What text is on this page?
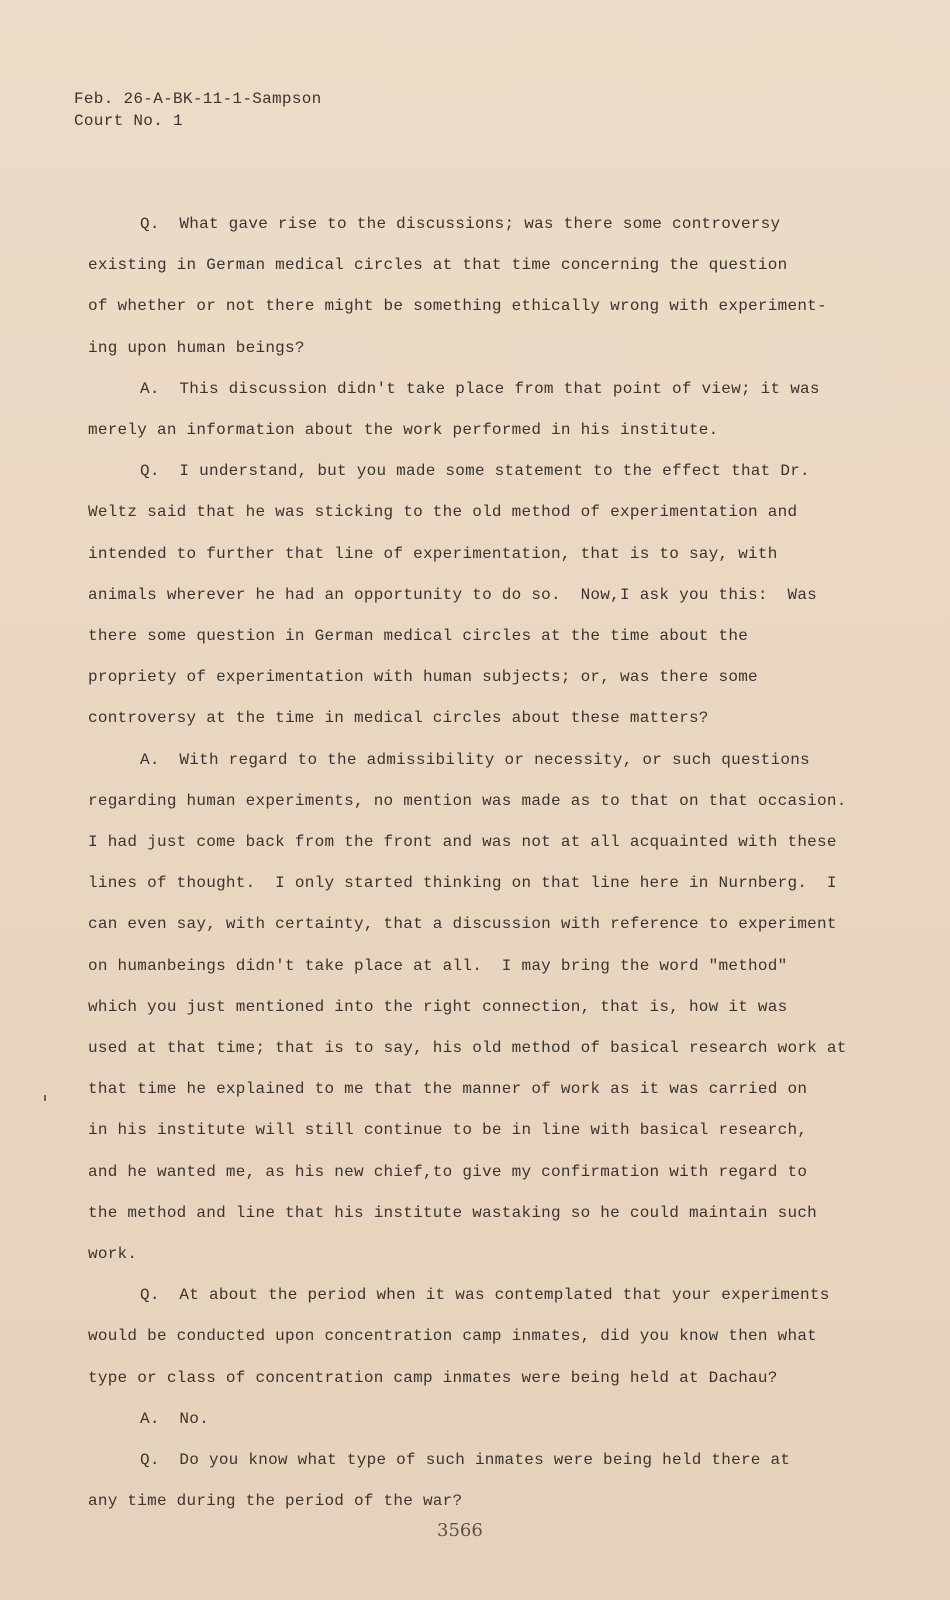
Feb. 26-A-BK-11-1-Sampson
Court No. 1
Q.  What gave rise to the discussions; was there some controversy
existing in German medical circles at that time concerning the question
of whether or not there might be something ethically wrong with experiment-
ing upon human beings?
A.  This discussion didn't take place from that point of view; it was
merely an information about the work performed in his institute.
Q.  I understand, but you made some statement to the effect that Dr.
Weltz said that he was sticking to the old method of experimentation and
intended to further that line of experimentation, that is to say, with
animals wherever he had an opportunity to do so.  Now,I ask you this:  Was
there some question in German medical circles at the time about the
propriety of experimentation with human subjects; or, was there some
controversy at the time in medical circles about these matters?
A.  With regard to the admissibility or necessity, or such questions
regarding human experiments, no mention was made as to that on that occasion.
I had just come back from the front and was not at all acquainted with these
lines of thought.  I only started thinking on that line here in Nurnberg.  I
can even say, with certainty, that a discussion with reference to experiment
on humanbeings didn't take place at all.  I may bring the word "method"
which you just mentioned into the right connection, that is, how it was
used at that time; that is to say, his old method of basical research work at
that time he explained to me that the manner of work as it was carried on
in his institute will still continue to be in line with basical research,
and he wanted me, as his new chief,to give my confirmation with regard to
the method and line that his institute wastaking so he could maintain such
work.
Q.  At about the period when it was contemplated that your experiments
would be conducted upon concentration camp inmates, did you know then what
type or class of concentration camp inmates were being held at Dachau?
A.  No.
Q.  Do you know what type of such inmates were being held there at
any time during the period of the war?
3566
